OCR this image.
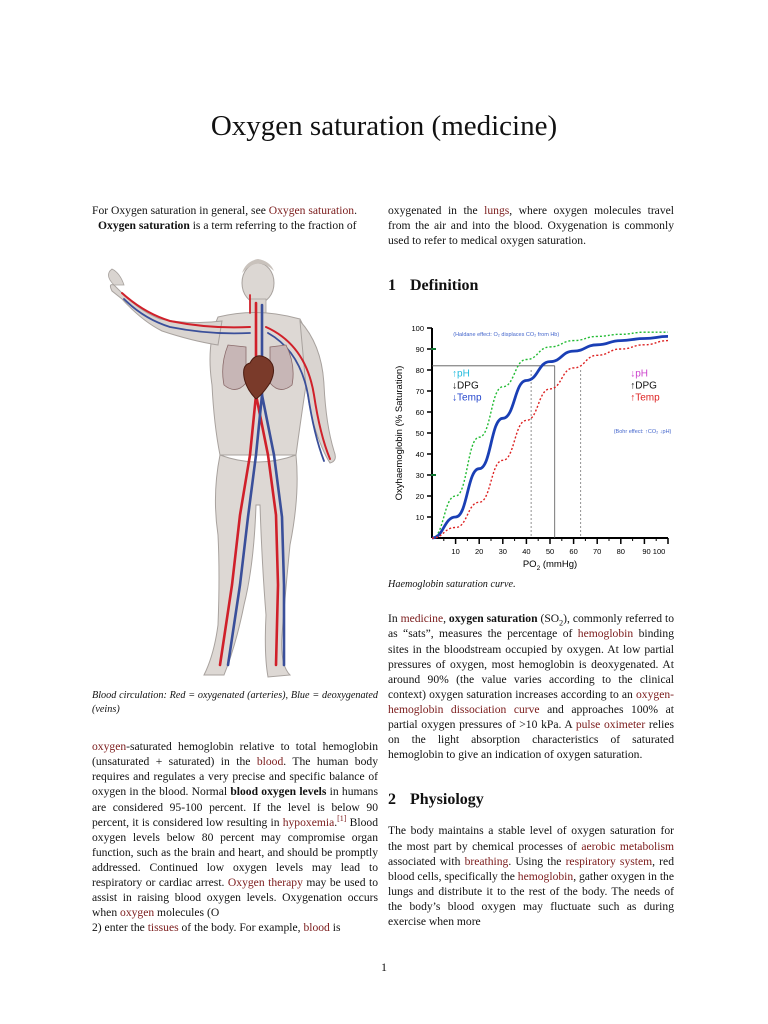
Oxygen saturation (medicine)

For Oxygen saturation in general, see Oxygen saturation.

Oxygen saturation is a term referring to the fraction of

Blood circulation: Red = oxygenated (arteries), Blue = deoxygenated (veins)

oxygen-saturated hemoglobin relative to total hemoglobin (unsaturated + saturated) in the blood. The human body requires and regulates a very precise and specific balance of oxygen in the blood. Normal blood oxygen levels in humans are considered 95-100 percent. If the level is below 90 percent, it is considered low resulting in hypoxemia.[1] Blood oxygen levels below 80 percent may compromise organ function, such as the brain and heart, and should be promptly addressed. Continued low oxygen levels may lead to respiratory or cardiac arrest. Oxygen therapy may be used to assist in raising blood oxygen levels. Oxygenation occurs when oxygen molecules (O
2) enter the tissues of the body. For example, blood is

oxygenated in the lungs, where oxygen molecules travel from the air and into the blood. Oxygenation is commonly used to refer to medical oxygen saturation.

1 Definition

Haemoglobin saturation curve.

In medicine, oxygen saturation $(SO_2)$, commonly referred to as “sats”, measures the percentage of hemoglobin binding sites in the bloodstream occupied by oxygen. At low partial pressures of oxygen, most hemoglobin is deoxygenated. At around 90% (the value varies according to the clinical context) oxygen saturation increases according to an oxygen-hemoglobin dissociation curve and approaches 100% at partial oxygen pressures of >10 kPa. A pulse oximeter relies on the light absorption characteristics of saturated hemoglobin to give an indication of oxygen saturation.

2 Physiology

The body maintains a stable level of oxygen saturation for the most part by chemical processes of aerobic metabolism associated with breathing. Using the respiratory system, red blood cells, specifically the hemoglobin, gather oxygen in the lungs and distribute it to the rest of the body. The needs of the body’s blood oxygen may fluctuate such as during exercise when more

10
20
30
40
50
60
70
80
90
100
10 20 30 40 50 60 70 80 90 100
$PO_2$ (mmHg)
Oxyhaemoglobin (% Saturation)
(Haldane effect: O₂ displaces CO₂ from Hb)
(Bohr effect: ↑CO₂ ↓pH)
↑pH
↓DPG
↓Temp
↓pH
↑DPG
↑Temp
1
